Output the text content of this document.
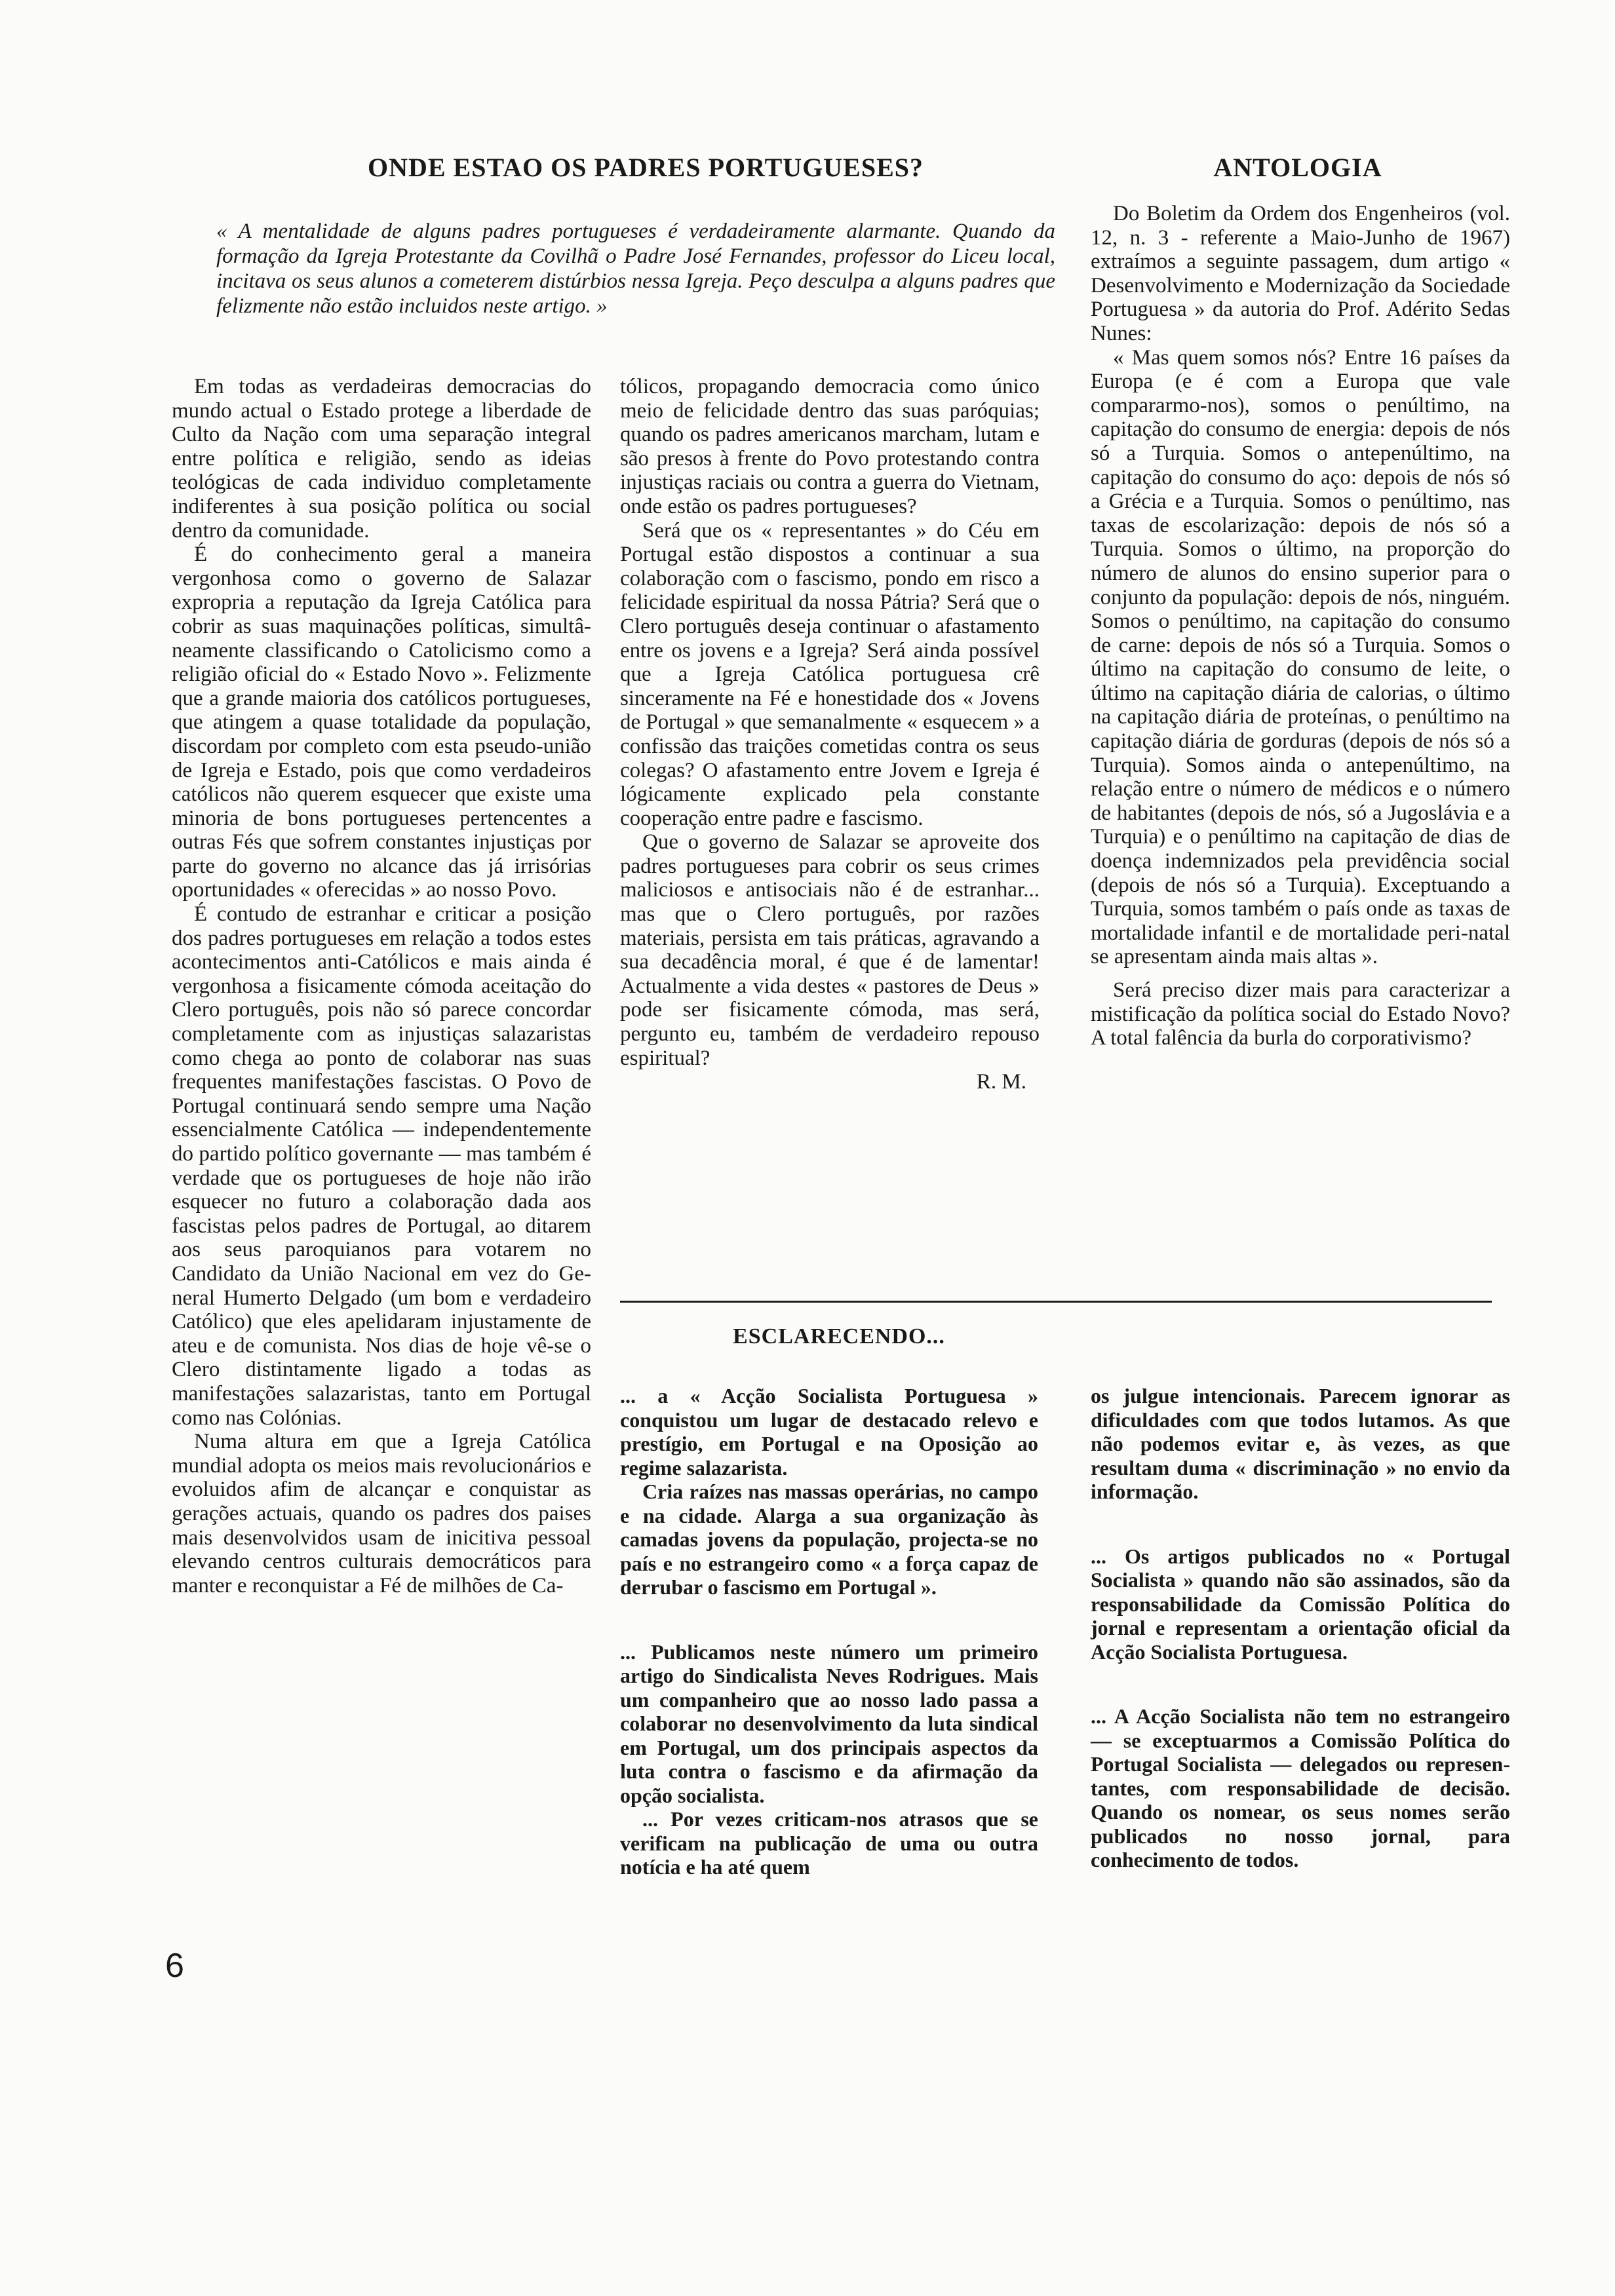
ONDE ESTAO OS PADRES PORTUGUESES?	ANTOLOGIA
« A mentalidade de alguns padres portugueses é verdadeiramente alarmante. Quando da formação da Igreja Protestante da Covilhã o Padre José Fernandes, professor do Liceu local, incitava os seus alunos a cometerem distúrbios nessa Igreja. Peço desculpa a alguns padres que felizmente não estão incluidos neste artigo. »

Em todas as verdadeiras democracias do mundo actual o Estado protege a liberdade de Culto da Nação com uma separação integral entre política e religião, sendo as ideias teológicas de cada individuo completamente indiferentes à sua posição política ou social dentro da comunidade.

É do conhecimento geral a maneira vergonhosa como o governo de Salazar expropria a reputação da Igreja Católica para cobrir as suas maquinações políticas, simultâneamente classificando o Catolicismo como a religião oficial do « Estado Novo ». Felizmente que a grande maioria dos católicos portugueses, que atingem a quase totalidade da população, discordam por completo com esta pseudo-união de Igreja e Estado, pois que como verdadeiros católicos não querem esquecer que existe uma minoria de bons portugueses pertencentes a outras Fés que sofrem constantes injustiças por parte do governo no alcance das já irrisórias oportunidades « oferecidas » ao nosso Povo.

É contudo de estranhar e criticar a posição dos padres portugueses em relação a todos estes acontecimentos anti-Católicos e mais ainda é vergonhosa a fisicamente cómoda aceitação do Clero português, pois não só parece concordar completamente com as injustiças salazaristas como chega ao ponto de colaborar nas suas frequentes manifestações fascistas. O Povo de Portugal continuará sendo sempre uma Nação essencialmente Católica — independentemente do partido político governante — mas também é verdade que os portugueses de hoje não irão esquecer no futuro a colaboração dada aos fascistas pelos padres de Portugal, ao ditarem aos seus paroquianos para votarem no Candidato da União Nacional em vez do General Humerto Delgado (um bom e verdadeiro Católico) que eles apelidaram injustamente de ateu e de comunista. Nos dias de hoje vê-se o Clero distintamente ligado a todas as manifestações salazaristas, tanto em Portugal como nas Colónias.

Numa altura em que a Igreja Católica mundial adopta os meios mais revolucionários e evoluidos afim de alcançar e conquistar as gerações actuais, quando os padres dos paises mais desenvolvidos usam de inicitiva pessoal elevando centros culturais democráticos para manter e reconquistar a Fé de milhões de Ca-

tólicos, propagando democracia como único meio de felicidade dentro das suas paróquias; quando os padres americanos marcham, lutam e são presos à frente do Povo protestando contra injustiças raciais ou contra a guerra do Vietnam, onde estão os padres portugueses?

Será que os « representantes » do Céu em Portugal estão dispostos a continuar a sua colaboração com o fascismo, pondo em risco a felicidade espiritual da nossa Pátria? Será que o Clero português deseja continuar o afastamento entre os jovens e a Igreja? Será ainda possível que a Igreja Católica portuguesa crê sinceramente na Fé e honestidade dos « Jovens de Portugal » que semanalmente « esquecem » a confissão das traições cometidas contra os seus colegas? O afastamento entre Jovem e Igreja é lógicamente explicado pela constante cooperação entre padre e fascismo.

Que o governo de Salazar se aproveite dos padres portugueses para cobrir os seus crimes maliciosos e antisociais não é de estranhar... mas que o Clero português, por razões materiais, persista em tais práticas, agravando a sua decadência moral, é que é de lamentar! Actualmente a vida destes « pastores de Deus » pode ser fisicamente cómoda, mas será, pergunto eu, também de verdadeiro repouso espiritual?

R. M.

Do Boletim da Ordem dos Engenheiros (vol. 12, n. 3 - referente a Maio-Junho de 1967) extraímos a seguinte passagem, dum artigo « Desenvolvimento e Modernização da Sociedade Portuguesa » da autoria do Prof. Adérito Sedas Nunes:

« Mas quem somos nós? Entre 16 países da Europa (e é com a Europa que vale compararmo-nos), somos o penúltimo, na capitação do consumo de energia: depois de nós só a Turquia. Somos o antepenúltimo, na capitação do consumo do aço: depois de nós só a Grécia e a Turquia. Somos o penúltimo, nas taxas de escolarização: depois de nós só a Turquia. Somos o último, na proporção do número de alunos do ensino superior para o conjunto da população: depois de nós, ninguém. Somos o penúltimo, na capitação do consumo de carne: depois de nós só a Turquia. Somos o último na capitação do consumo de leite, o último na capitação diária de calorias, o último na capitação diária de proteínas, o penúltimo na capitação diária de gorduras (depois de nós só a Turquia). Somos ainda o antepenúltimo, na relação entre o número de médicos e o número de habitantes (depois de nós, só a Jugoslávia e a Turquia) e o penúltimo na capitação de dias de doença indemnizados pela previdência social (depois de nós só a Turquia). Exceptuando a Turquia, somos também o país onde as taxas de mortalidade infantil e de mortalidade peri-natal se apresentam ainda mais altas ».

Será preciso dizer mais para caracterizar a mistificação da política social do Estado Novo? A total falência da burla do corporativismo?

ESCLARECENDO...

... a « Acção Socialista Portuguesa » conquistou um lugar de destacado relevo e prestígio, em Portugal e na Oposição ao regime salazarista.

Cria raízes nas massas operárias, no campo e na cidade. Alarga a sua organização às camadas jovens da população, projecta-se no país e no estrangeiro como « a força capaz de derrubar o fascismo em Portugal ».

... Publicamos neste número um primeiro artigo do Sindicalista Neves Rodrigues. Mais um companheiro que ao nosso lado passa a colaborar no desenvolvimento da luta sindical em Portugal, um dos principais aspectos da luta contra o fascismo e da afirmação da opção socialista.

... Por vezes criticam-nos atrasos que se verificam na publicação de uma ou outra notícia e ha até quem

os julgue intencionais. Parecem ignorar as dificuldades com que todos lutamos. As que não podemos evitar e, às vezes, as que resultam duma « discriminação » no envio da informação.

... Os artigos publicados no « Portugal Socialista » quando não são assinados, são da responsabilidade da Comissão Política do jornal e representam a orientação oficial da Acção Socialista Portuguesa.

... A Acção Socialista não tem no estrangeiro — se exceptuarmos a Comissão Política do Portugal Socialista — delegados ou representantes, com responsabilidade de decisão. Quando os nomear, os seus nomes serão publicados no nosso jornal, para conhecimento de todos.

6
